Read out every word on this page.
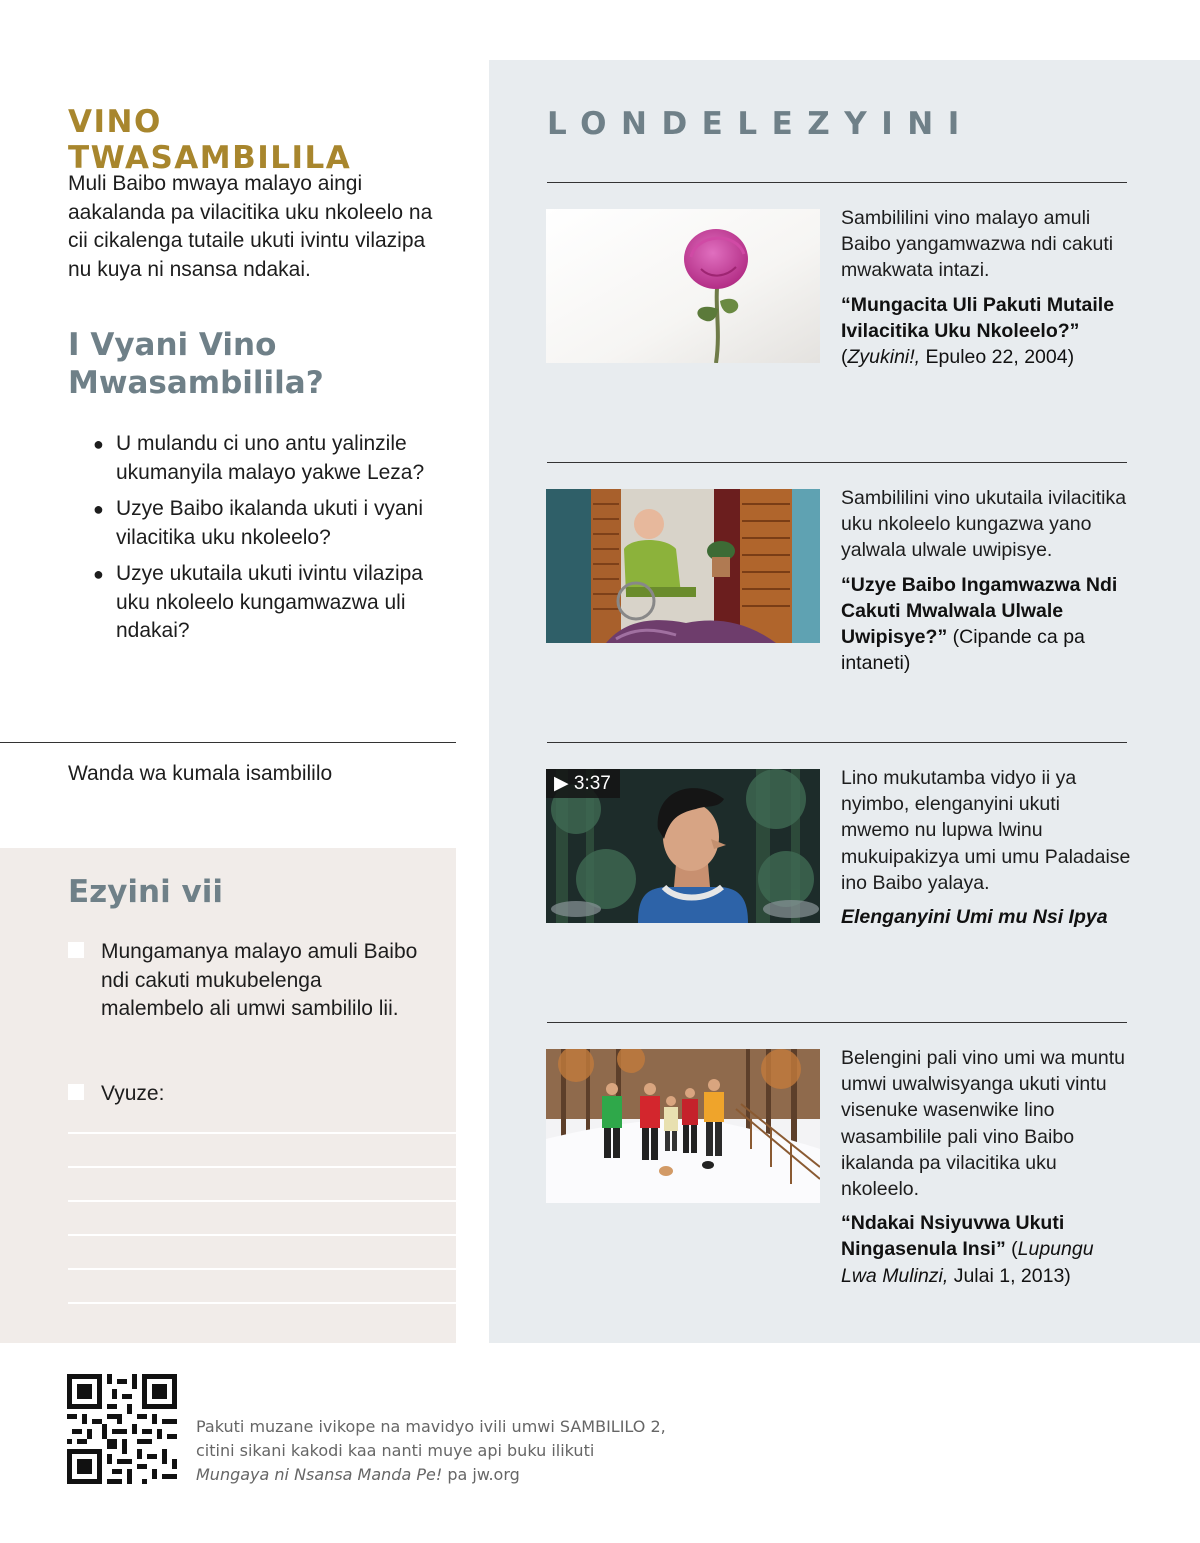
VINO TWASAMBILILA

Muli Baibo mwaya malayo aingi aakalanda pa vilacitika uku nkoleelo na cii cikalenga tutaile ukuti ivintu vilazipa nu kuya ni nsansa ndakai.

I Vyani Vino Mwasambilila?
● U mulandu ci uno antu yalinzile ukumanyila malayo yakwe Leza?
● Uzye Baibo ikalanda ukuti i vyani vilacitika uku nkoleelo?
● Uzye ukutaila ukuti ivintu vilazipa uku nkoleelo kungamwazwa uli ndakai?
Wanda wa kumala isambililo
Ezyini vii
Mungamanya malayo amuli Baibo ndi cakuti mukubelenga malembelo ali umwi sambililo lii.
Vyuze:
LONDELEZYINI

Sambililini vino malayo amuli Baibo yangamwazwa ndi cakuti mwakwata intazi.

“Mungacita Uli Pakuti Mutaile Ivilacitika Uku Nkoleelo?”
(Zyukini!, Epuleo 22, 2004)

Sambililini vino ukutaila ivilacitika uku nkoleelo kungazwa yano yalwala ulwale uwipisye.

“Uzye Baibo Ingamwazwa Ndi Cakuti Mwalwala Ulwale Uwipisye?” (Cipande ca pa intaneti)

▶ 3:37	Lino mukutamba vidyo ii ya nyimbo, elenganyini ukuti mwemo nu lupwa lwinu mukuipakizya umi umu Paladaise ino Baibo yalaya.

Elenganyini Umi mu Nsi Ipya

Belengini pali vino umi wa muntu umwi uwalwisyanga ukuti vintu visenuke wasenwike lino wasambilile pali vino Baibo ikalanda pa vilacitika uku nkoleelo.

“Ndakai Nsiyuvwa Ukuti Ningasenula Insi” (Lupungu Lwa Mulinzi, Julai 1, 2013)

Pakuti muzane ivikope na mavidyo ivili umwi SAMBILILO 2,
citini sikani kakodi kaa nanti muye api buku ilikuti
Mungaya ni Nsansa Manda Pe! pa jw.org
